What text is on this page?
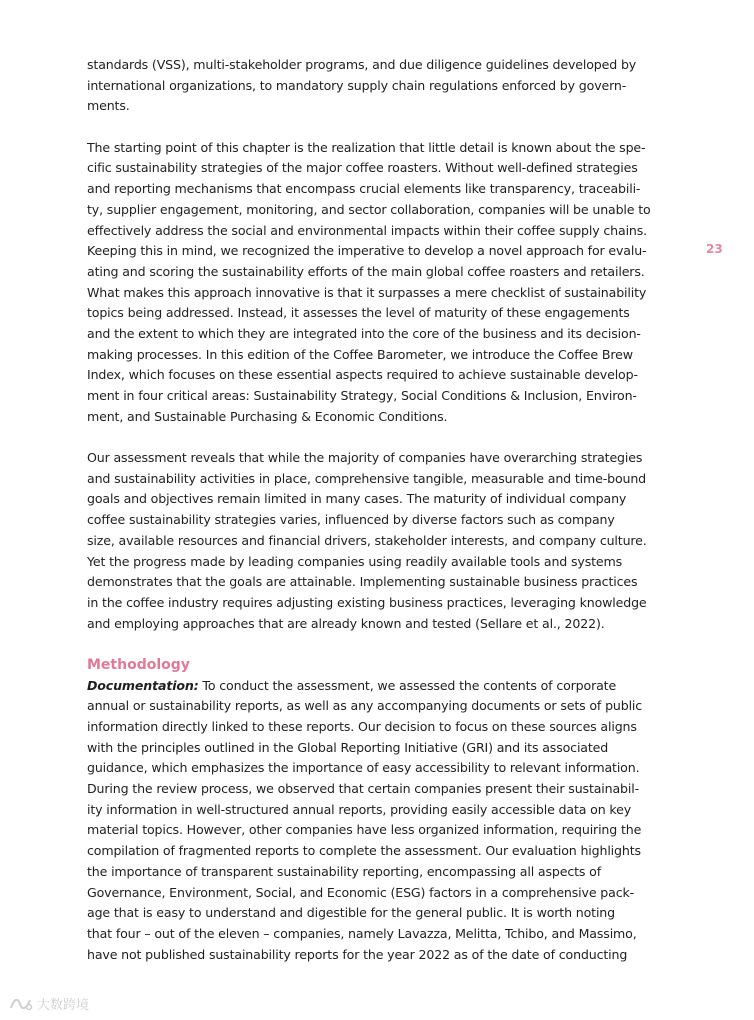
23
standards (VSS), multi-stakeholder programs, and due diligence guidelines developed by
international organizations, to mandatory supply chain regulations enforced by govern-
ments.
The starting point of this chapter is the realization that little detail is known about the spe-
cific sustainability strategies of the major coffee roasters. Without well-defined strategies
and reporting mechanisms that encompass crucial elements like transparency, traceabili-
ty, supplier engagement, monitoring, and sector collaboration, companies will be unable to
effectively address the social and environmental impacts within their coffee supply chains.
Keeping this in mind, we recognized the imperative to develop a novel approach for evalu-
ating and scoring the sustainability efforts of the main global coffee roasters and retailers.
What makes this approach innovative is that it surpasses a mere checklist of sustainability
topics being addressed. Instead, it assesses the level of maturity of these engagements
and the extent to which they are integrated into the core of the business and its decision-
making processes. In this edition of the Coffee Barometer, we introduce the Coffee Brew
Index, which focuses on these essential aspects required to achieve sustainable develop-
ment in four critical areas: Sustainability Strategy, Social Conditions & Inclusion, Environ-
ment, and Sustainable Purchasing & Economic Conditions.
Our assessment reveals that while the majority of companies have overarching strategies
and sustainability activities in place, comprehensive tangible, measurable and time-bound
goals and objectives remain limited in many cases. The maturity of individual company
coffee sustainability strategies varies, influenced by diverse factors such as company
size, available resources and financial drivers, stakeholder interests, and company culture.
Yet the progress made by leading companies using readily available tools and systems
demonstrates that the goals are attainable. Implementing sustainable business practices
in the coffee industry requires adjusting existing business practices, leveraging knowledge
and employing approaches that are already known and tested (Sellare et al., 2022).
Methodology
Documentation: To conduct the assessment, we assessed the contents of corporate
annual or sustainability reports, as well as any accompanying documents or sets of public
information directly linked to these reports. Our decision to focus on these sources aligns
with the principles outlined in the Global Reporting Initiative (GRI) and its associated
guidance, which emphasizes the importance of easy accessibility to relevant information.
During the review process, we observed that certain companies present their sustainabil-
ity information in well-structured annual reports, providing easily accessible data on key
material topics. However, other companies have less organized information, requiring the
compilation of fragmented reports to complete the assessment. Our evaluation highlights
the importance of transparent sustainability reporting, encompassing all aspects of
Governance, Environment, Social, and Economic (ESG) factors in a comprehensive pack-
age that is easy to understand and digestible for the general public. It is worth noting
that four – out of the eleven – companies, namely Lavazza, Melitta, Tchibo, and Massimo,
have not published sustainability reports for the year 2022 as of the date of conducting
大数跨境
